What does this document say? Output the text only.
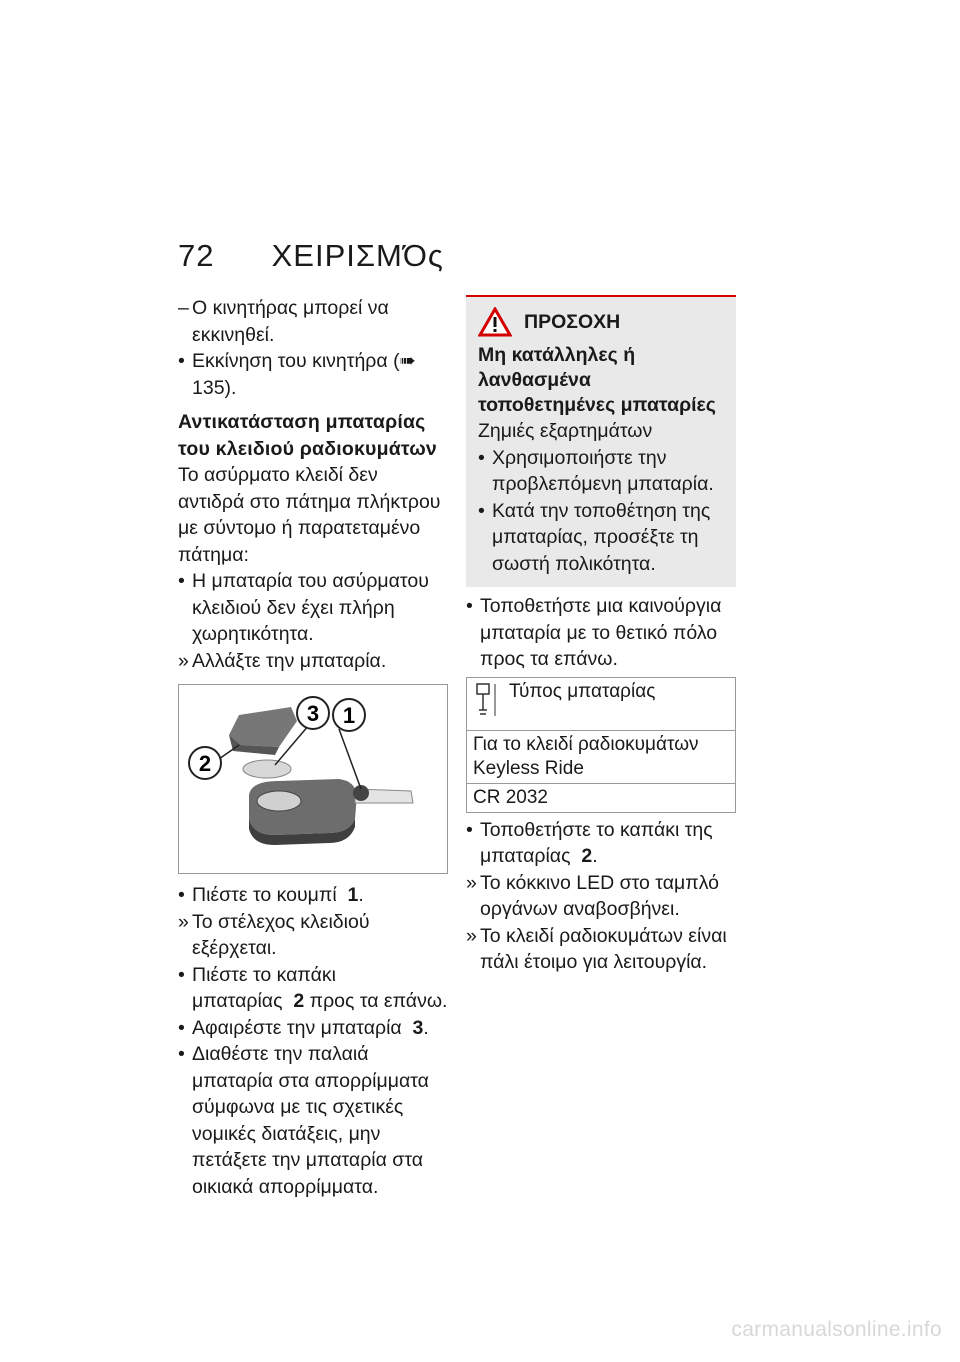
72 ΧΕΙΡΙΣΜΌς

– Ο κινητήρας μπορεί να εκκινηθεί.

• Εκκίνηση του κινητήρα (➠ 135).

Αντικατάσταση μπαταρίας του κλειδιού ραδιοκυμάτων

Το ασύρματο κλειδί δεν αντιδρά στο πάτημα πλήκτρου με σύντομο ή παρατεταμένο πάτημα:

• Η μπαταρία του ασύρματου κλειδιού δεν έχει πλήρη χωρητικότητα.

» Αλλάξτε την μπαταρία.

2
3 1

• Πιέστε το κουμπί 1.

» Το στέλεχος κλειδιού εξέρχεται.

• Πιέστε το καπάκι μπαταρίας 2 προς τα επάνω.

• Αφαιρέστε την μπαταρία 3.

• Διαθέστε την παλαιά μπαταρία στα απορρίμματα σύμφωνα με τις σχετικές νομικές διατάξεις, μην πετάξετε την μπαταρία στα οικιακά απορρίμματα.

ΠΡΟΣΟΧΗ

Μη κατάλληλες ή λανθασμένα τοποθετημένες μπαταρίες

Ζημιές εξαρτημάτων

• Χρησιμοποιήστε την προβλεπόμενη μπαταρία.

• Κατά την τοποθέτηση της μπαταρίας, προσέξτε τη σωστή πολικότητα.

• Τοποθετήστε μια καινούργια μπαταρία με το θετικό πόλο προς τα επάνω.

Τύπος μπαταρίας

Για το κλειδί ραδιοκυμάτων Keyless Ride
CR 2032

• Τοποθετήστε το καπάκι της μπαταρίας 2.

» Το κόκκινο LED στο ταμπλό οργάνων αναβοσβήνει.

» Το κλειδί ραδιοκυμάτων είναι πάλι έτοιμο για λειτουργία.

carmanualsonline.info
